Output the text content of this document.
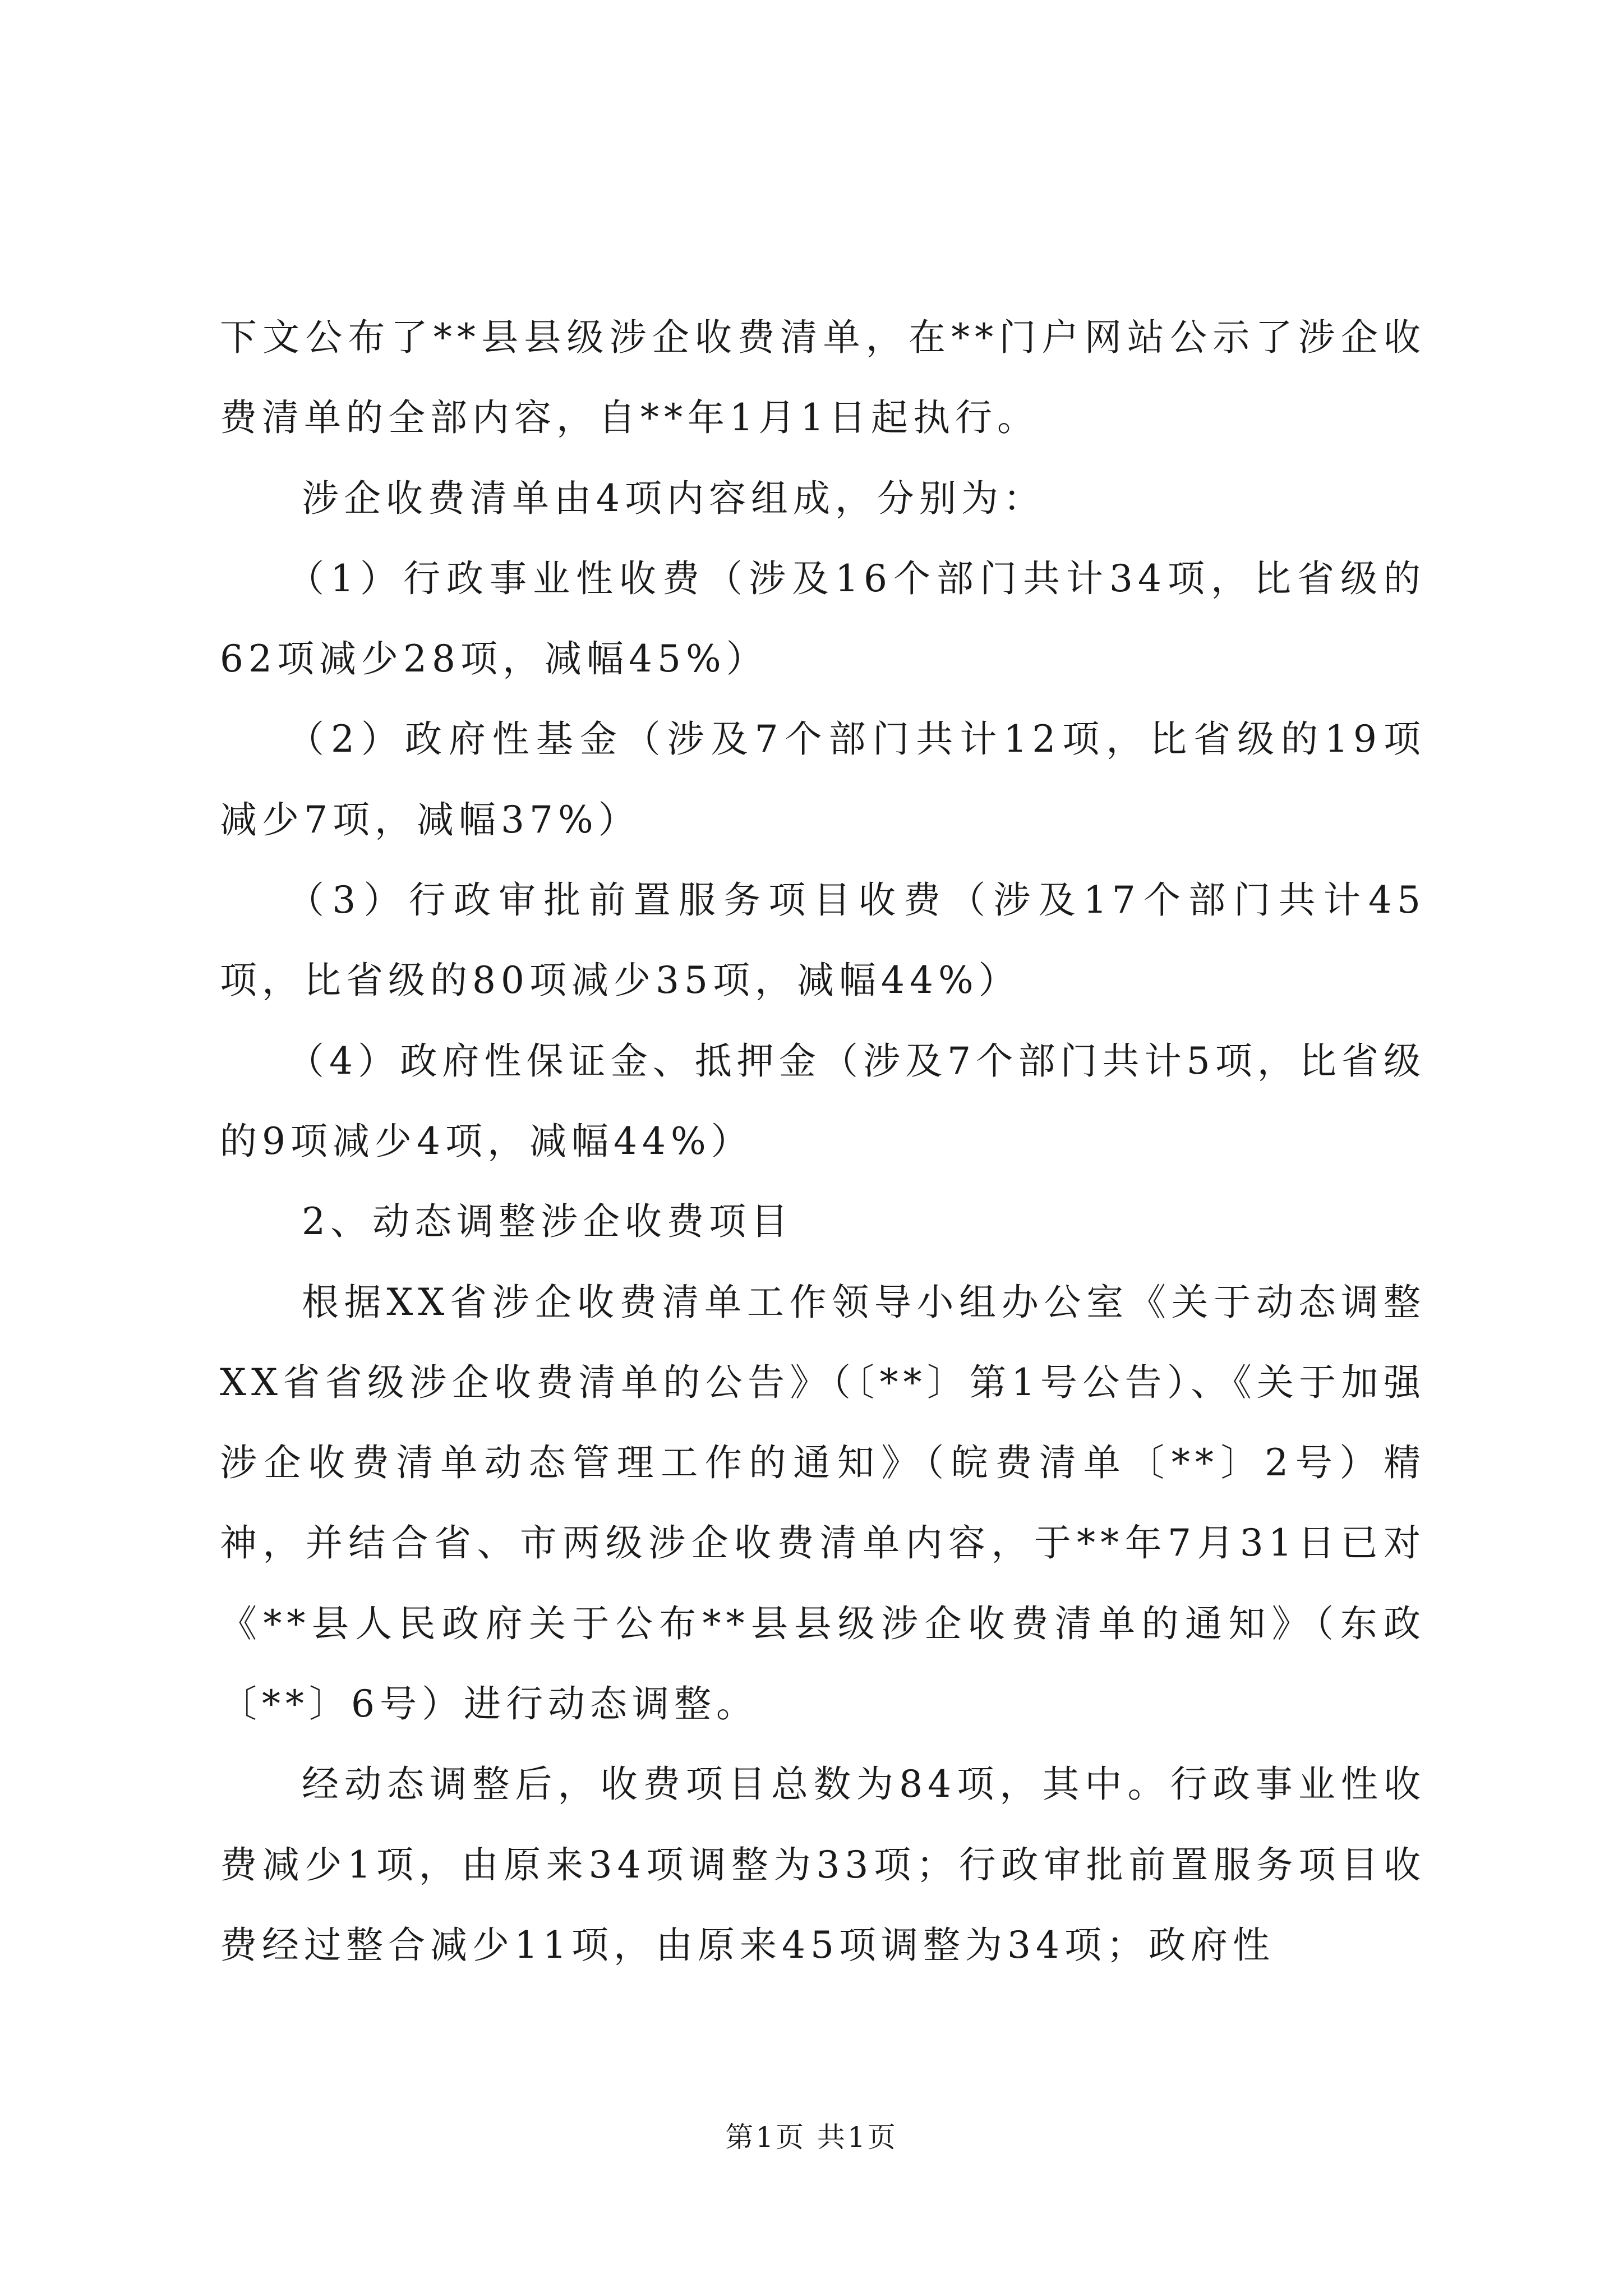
下文公布了**县县级涉企收费清单，在**门户网站公示了涉企收费清单的全部内容，自**年1月1日起执行。

涉企收费清单由4项内容组成，分别为：

（1）行政事业性收费（涉及16个部门共计34项，比省级的62项减少28项，减幅45%）

（2）政府性基金（涉及7个部门共计12项，比省级的19项减少7项，减幅37%）

（3）行政审批前置服务项目收费（涉及17个部门共计45项，比省级的80项减少35项，减幅44%）

（4）政府性保证金、抵押金（涉及7个部门共计5项，比省级的9项减少4项，减幅44%）

2、动态调整涉企收费项目

根据XX省涉企收费清单工作领导小组办公室《关于动态调整XX省省级涉企收费清单的公告》（〔**〕第1号公告）、《关于加强涉企收费清单动态管理工作的通知》（皖费清单〔**〕2号）精神，并结合省、市两级涉企收费清单内容，于**年7月31日已对《**县人民政府关于公布**县县级涉企收费清单的通知》（东政〔**〕6号）进行动态调整。

经动态调整后，收费项目总数为84项，其中。行政事业性收费减少1项，由原来34项调整为33项；行政审批前置服务项目收费经过整合减少11项，由原来45项调整为34项；政府性

第1页 共1页
